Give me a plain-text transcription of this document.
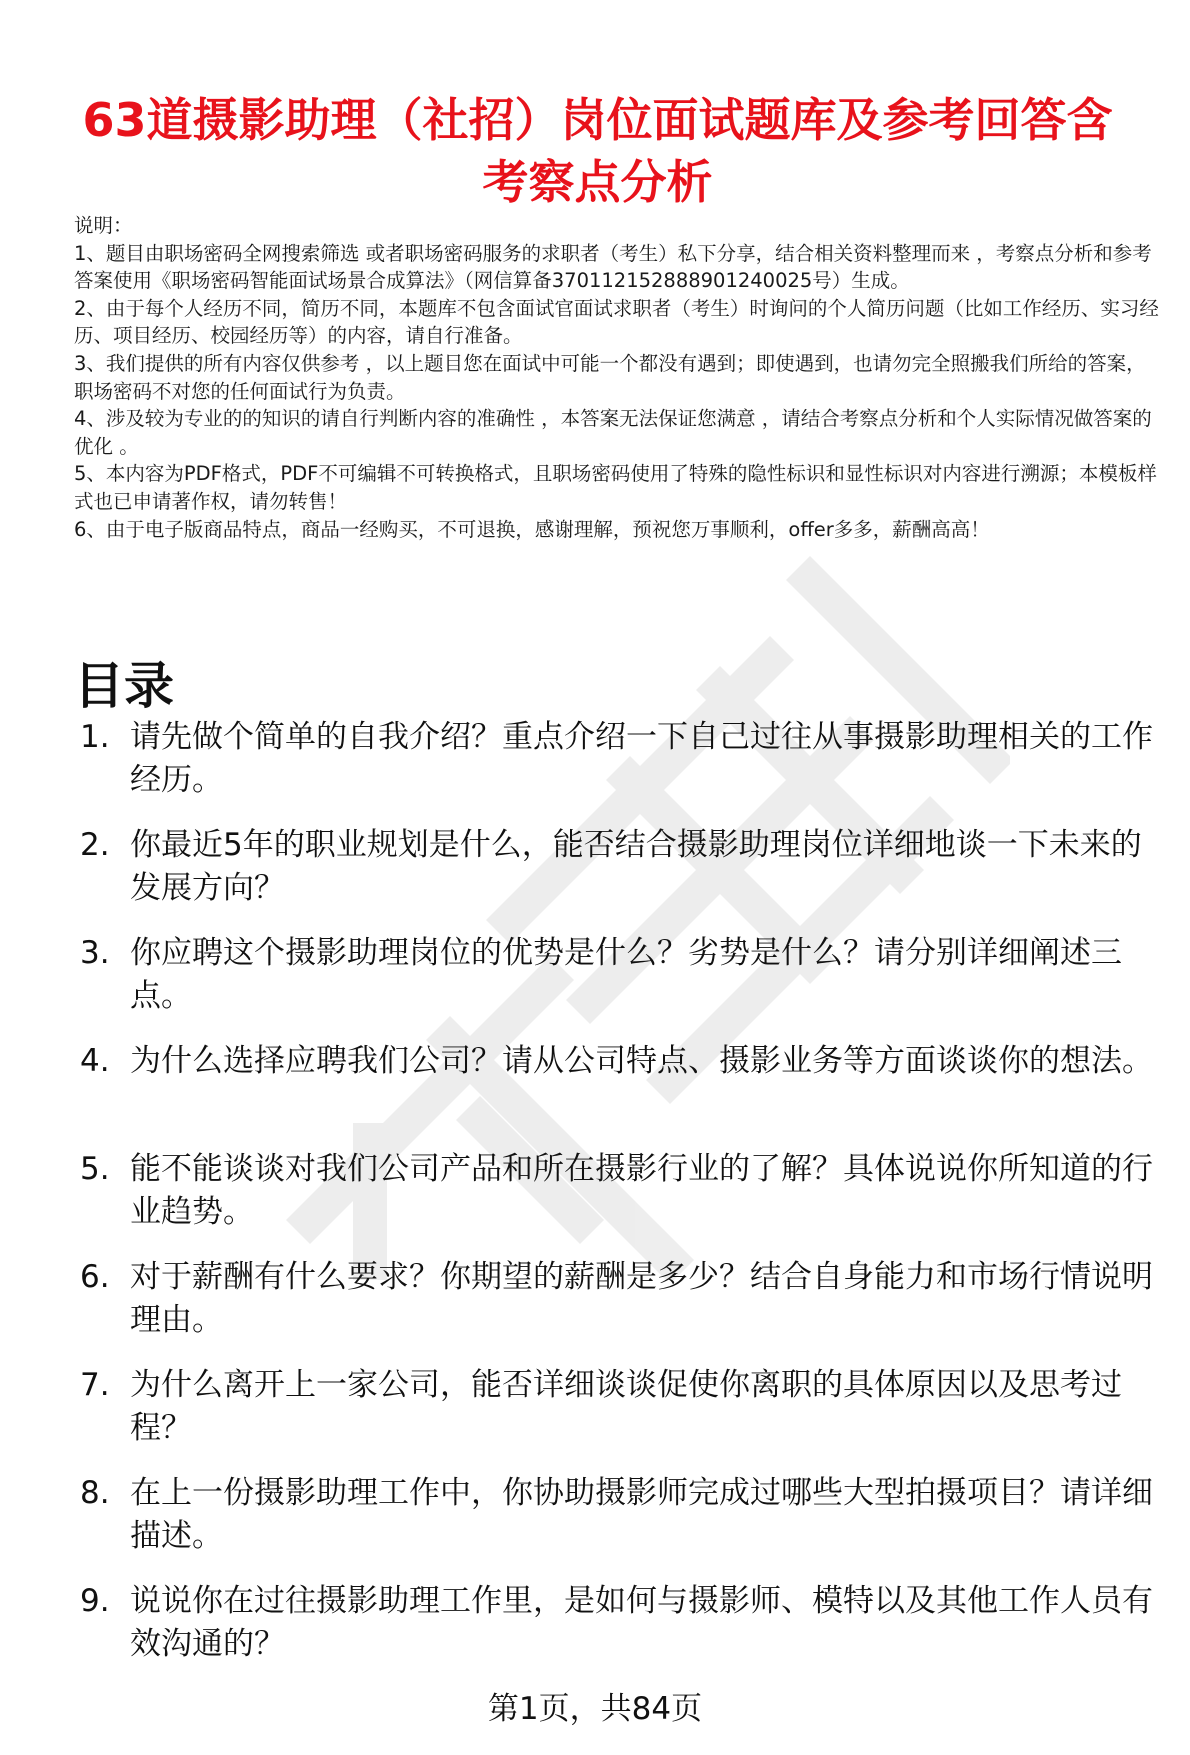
63道摄影助理（社招）岗位面试题库及参考回答含考察点分析

说明：

1、题目由职场密码全网搜索筛选 或者职场密码服务的求职者（考生）私下分享，结合相关资料整理而来 ，考察点分析和参考答案使用《职场密码智能面试场景合成算法》（网信算备370112152888901240025号）生成。

2、由于每个人经历不同，简历不同，本题库不包含面试官面试求职者（考生）时询问的个人简历问题（比如工作经历、实习经历、项目经历、校园经历等）的内容，请自行准备。

3、我们提供的所有内容仅供参考 ，以上题目您在面试中可能一个都没有遇到；即使遇到，也请勿完全照搬我们所给的答案，职场密码不对您的任何面试行为负责。

4、涉及较为专业的的知识的请自行判断内容的准确性 ，本答案无法保证您满意 ，请结合考察点分析和个人实际情况做答案的优化 。

5、本内容为PDF格式，PDF不可编辑不可转换格式，且职场密码使用了特殊的隐性标识和显性标识对内容进行溯源；本模板样式也已申请著作权，请勿转售！

6、由于电子版商品特点，商品一经购买，不可退换，感谢理解，预祝您万事顺利，offer多多，薪酬高高！

目录
1. 请先做个简单的自我介绍？重点介绍一下自己过往从事摄影助理相关的工作经历。
2. 你最近5年的职业规划是什么，能否结合摄影助理岗位详细地谈一下未来的发展方向？
3. 你应聘这个摄影助理岗位的优势是什么？劣势是什么？请分别详细阐述三点。
4. 为什么选择应聘我们公司？请从公司特点、摄影业务等方面谈谈你的想法。
5. 能不能谈谈对我们公司产品和所在摄影行业的了解？具体说说你所知道的行业趋势。
6. 对于薪酬有什么要求？你期望的薪酬是多少？结合自身能力和市场行情说明理由。
7. 为什么离开上一家公司，能否详细谈谈促使你离职的具体原因以及思考过程？
8. 在上一份摄影助理工作中，你协助摄影师完成过哪些大型拍摄项目？请详细描述。
9. 说说你在过往摄影助理工作里，是如何与摄影师、模特以及其他工作人员有效沟通的？
第1页，共84页
